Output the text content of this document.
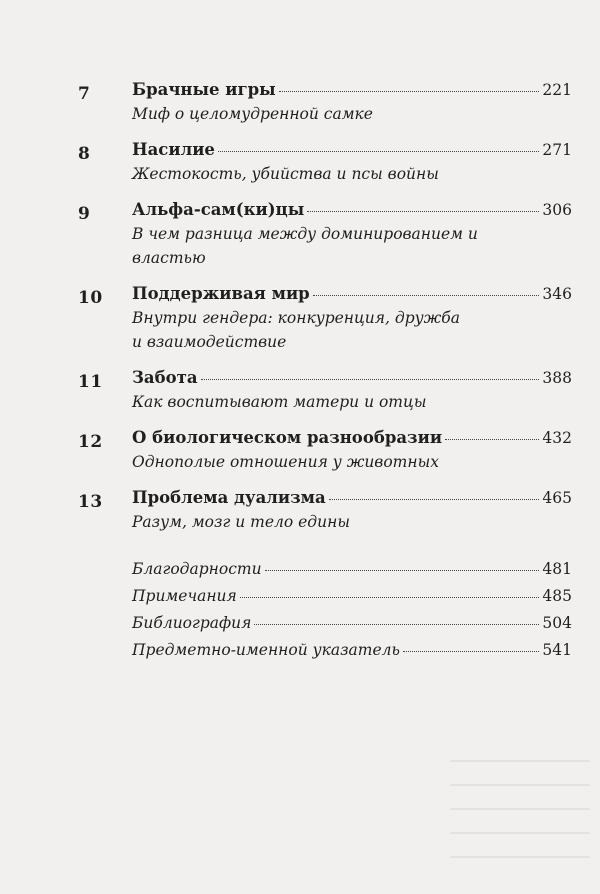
7	Брачные игры	221
Миф о целомудренной самке
8	Насилие	271
Жестокость, убийства и псы войны
9	Альфа-сам(ки)цы	306
В чем разница между доминированием и властью
10 Поддерживая мир	346
Внутри гендера: конкуренция, дружба
и взаимодействие
11 Забота	388
Как воспитывают матери и отцы
12 О биологическом разнообразии	432
Однополые отношения у животных
13 Проблема дуализма	465
Разум, мозг и тело едины
Благодарности	481
Примечания	485
Библиография	504
Предметно-именной указатель	541
